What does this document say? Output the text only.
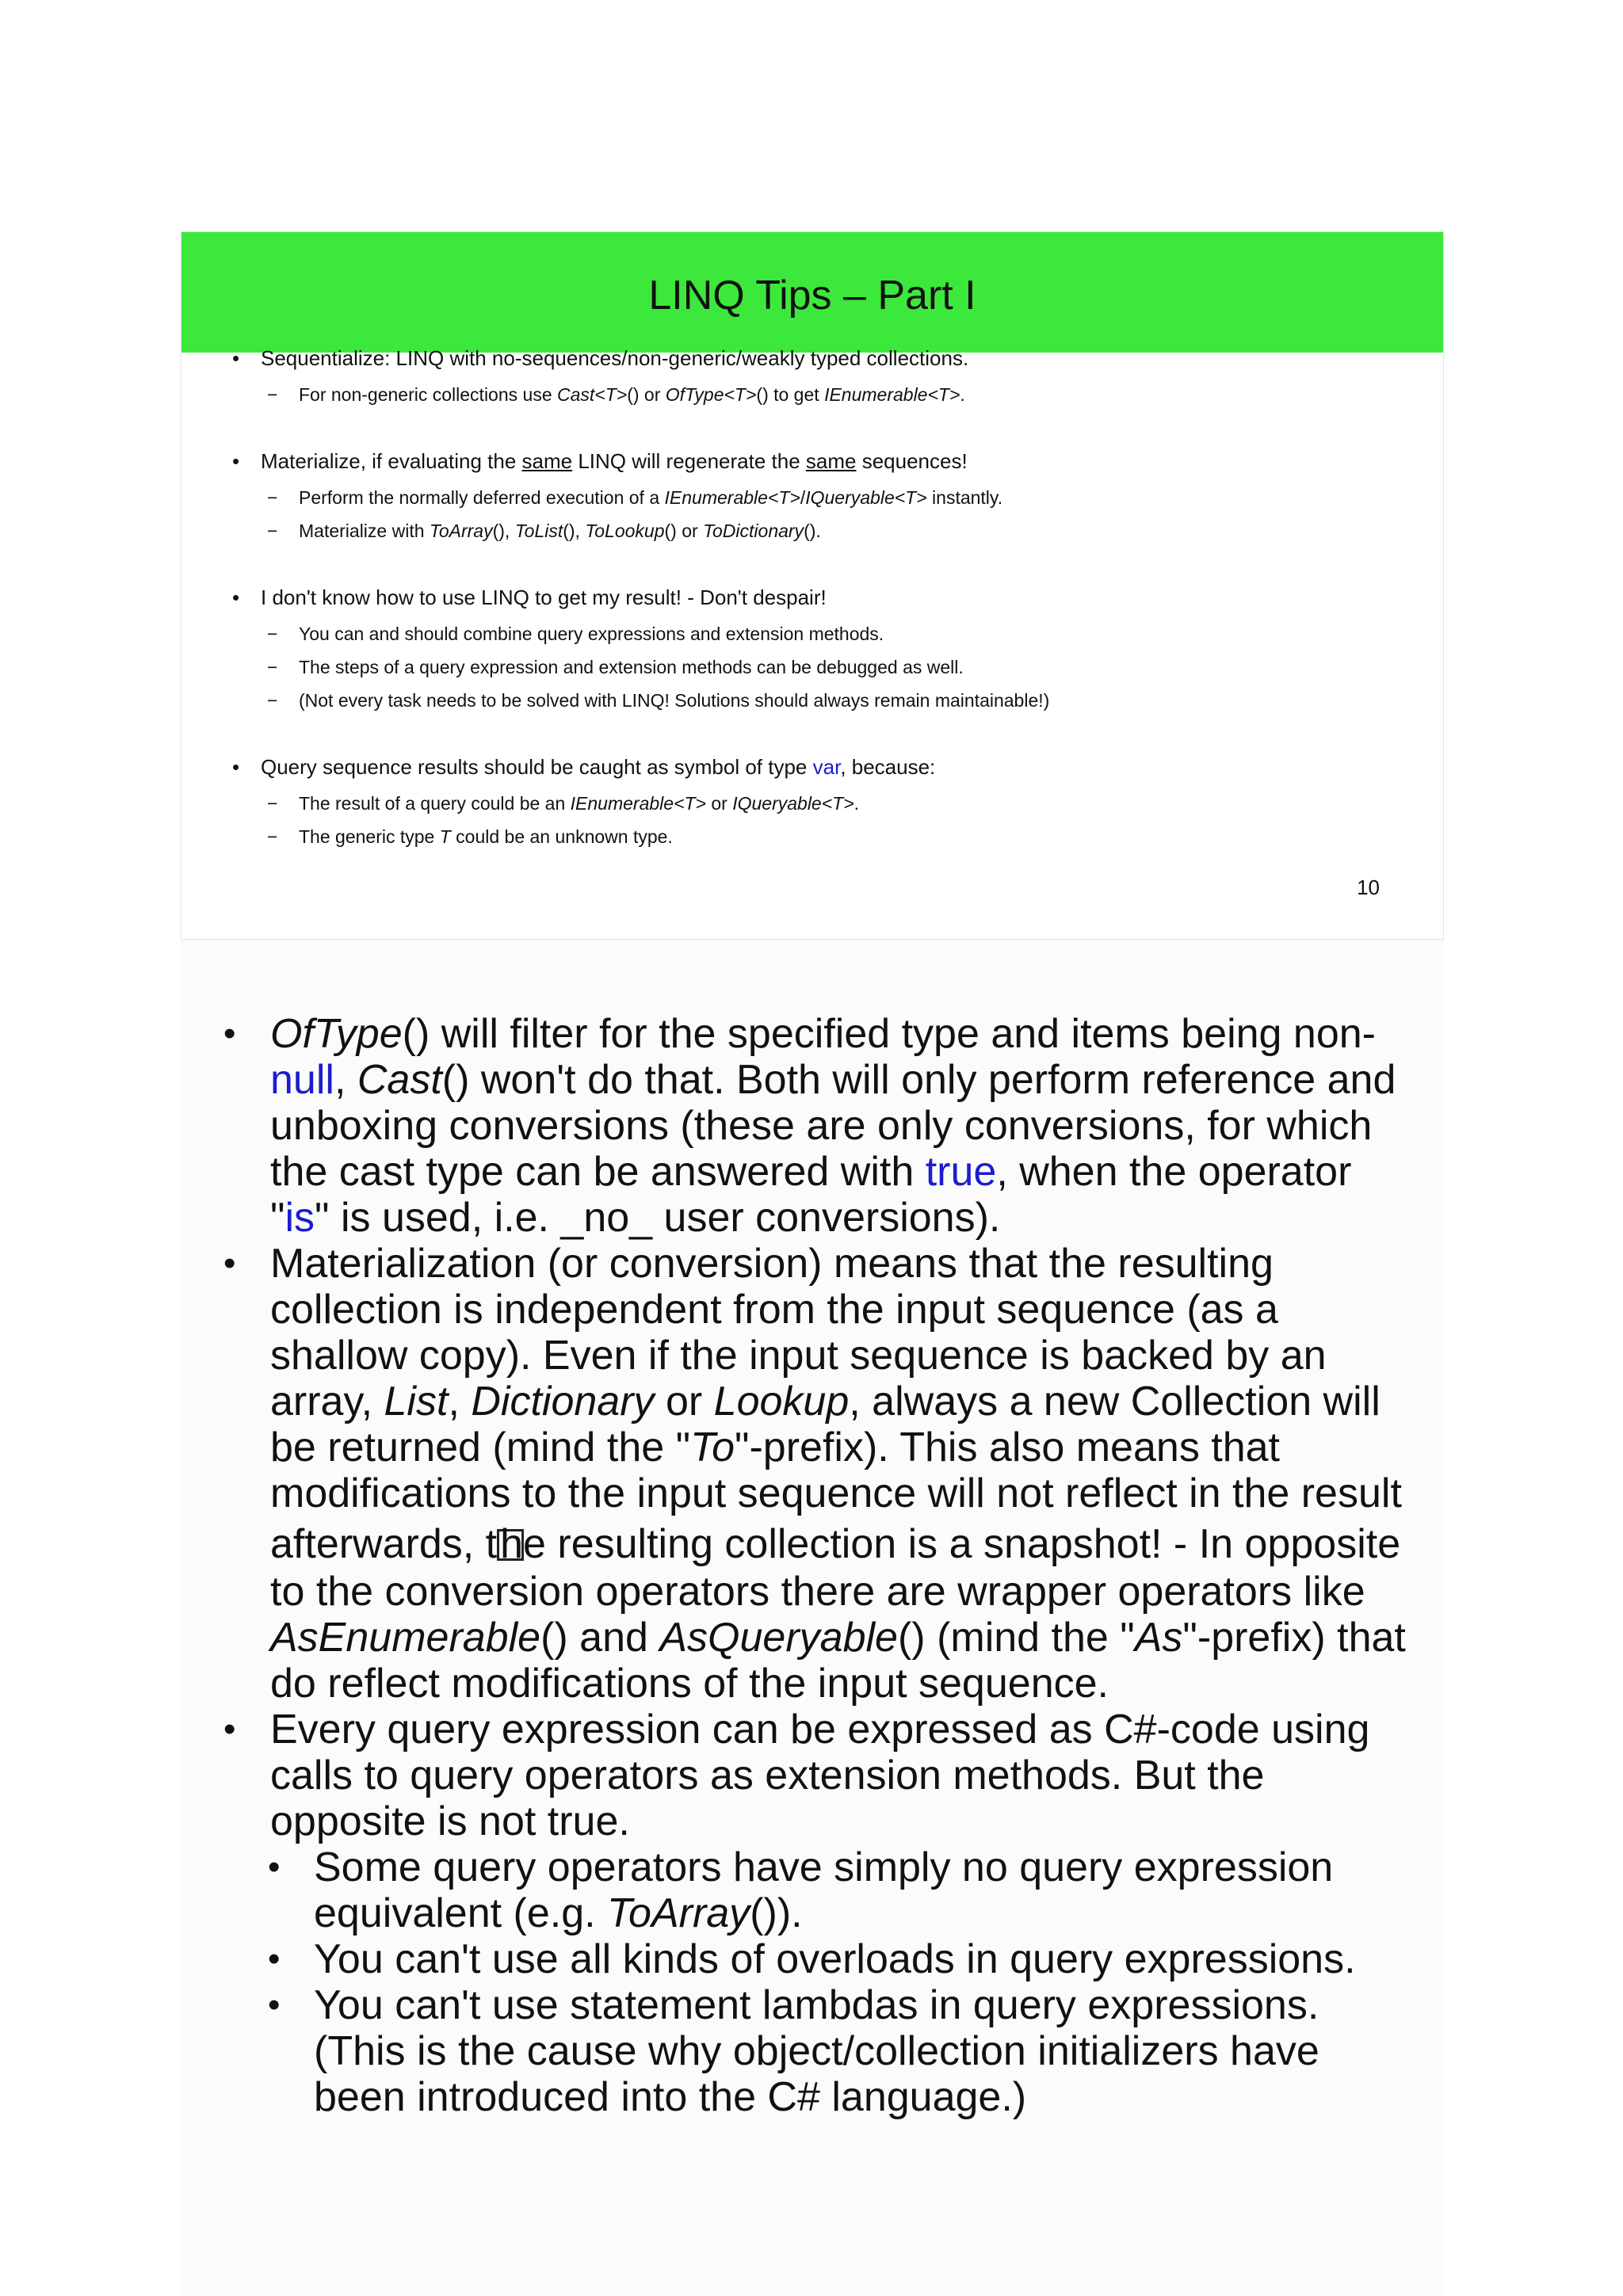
LINQ Tips – Part I
• Sequentialize: LINQ with no-sequences/non-generic/weakly typed collections.
− For non-generic collections use Cast<T>() or OfType<T>() to get IEnumerable<T>.
• Materialize, if evaluating the same LINQ will regenerate the same sequences!
− Perform the normally deferred execution of a IEnumerable<T>/IQueryable<T> instantly.
− Materialize with ToArray(), ToList(), ToLookup() or ToDictionary().
• I don't know how to use LINQ to get my result! - Don't despair!
− You can and should combine query expressions and extension methods.
− The steps of a query expression and extension methods can be debugged as well.
− (Not every task needs to be solved with LINQ! Solutions should always remain maintainable!)
• Query sequence results should be caught as symbol of type var, because:
− The result of a query could be an IEnumerable<T> or IQueryable<T>.
− The generic type T could be an unknown type.
10
• OfType() will filter for the specified type and items being non-
null, Cast() won't do that. Both will only perform reference and
unboxing conversions (these are only conversions, for which
the cast type can be answered with true, when the operator
"is" is used, i.e. _no_ user conversions).
• Materialization (or conversion) means that the resulting
collection is independent from the input sequence (as a
shallow copy). Even if the input sequence is backed by an
array, List, Dictionary or Lookup, always a new Collection will
be returned (mind the "To"-prefix). This also means that
modifications to the input sequence will not reflect in the result
afterwards, the resulting collection is a snapshot! - In opposite
to the conversion operators there are wrapper operators like
AsEnumerable() and AsQueryable() (mind the "As"-prefix) that
do reflect modifications of the input sequence.
• Every query expression can be expressed as C#-code using
calls to query operators as extension methods. But the
opposite is not true.
• Some query operators have simply no query expression
equivalent (e.g. ToArray()).
• You can't use all kinds of overloads in query expressions.
• You can't use statement lambdas in query expressions.
(This is the cause why object/collection initializers have
been introduced into the C# language.)
